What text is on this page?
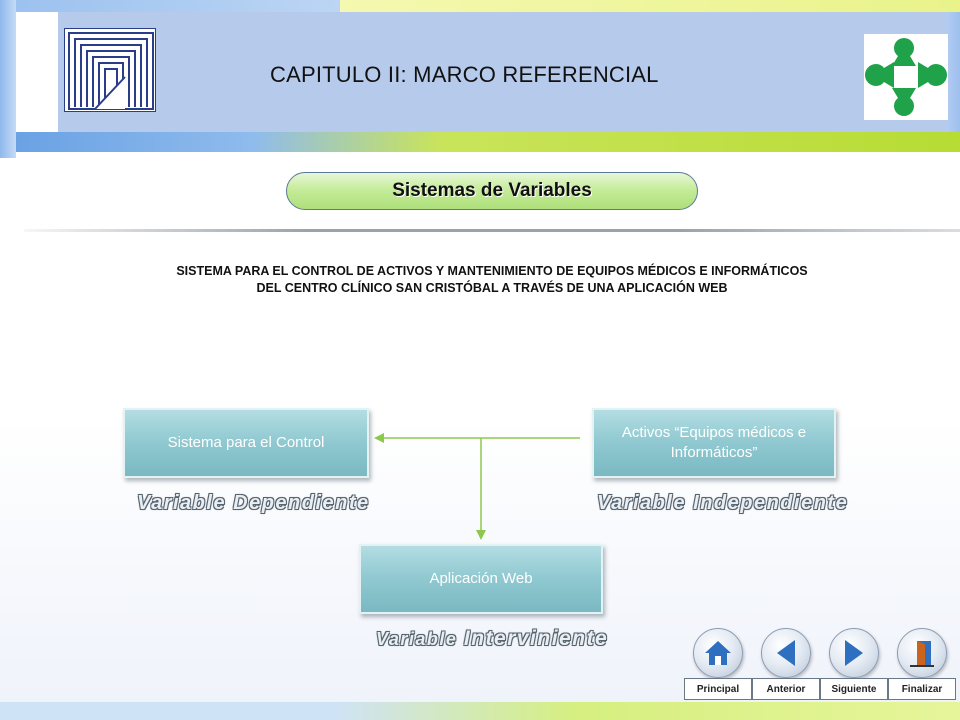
CAPITULO II: MARCO REFERENCIAL
Sistemas de Variables
SISTEMA PARA EL CONTROL DE ACTIVOS Y MANTENIMIENTO DE EQUIPOS MÉDICOS E INFORMÁTICOS
DEL CENTRO CLÍNICO SAN CRISTÓBAL A TRAVÉS DE UNA APLICACIÓN WEB
Sistema para el Control
Activos “Equipos médicos e Informáticos”
Aplicación Web
Variable Dependiente	Variable Independiente
Variable Interviniente
Principal	Anterior	Siguiente	Finalizar
